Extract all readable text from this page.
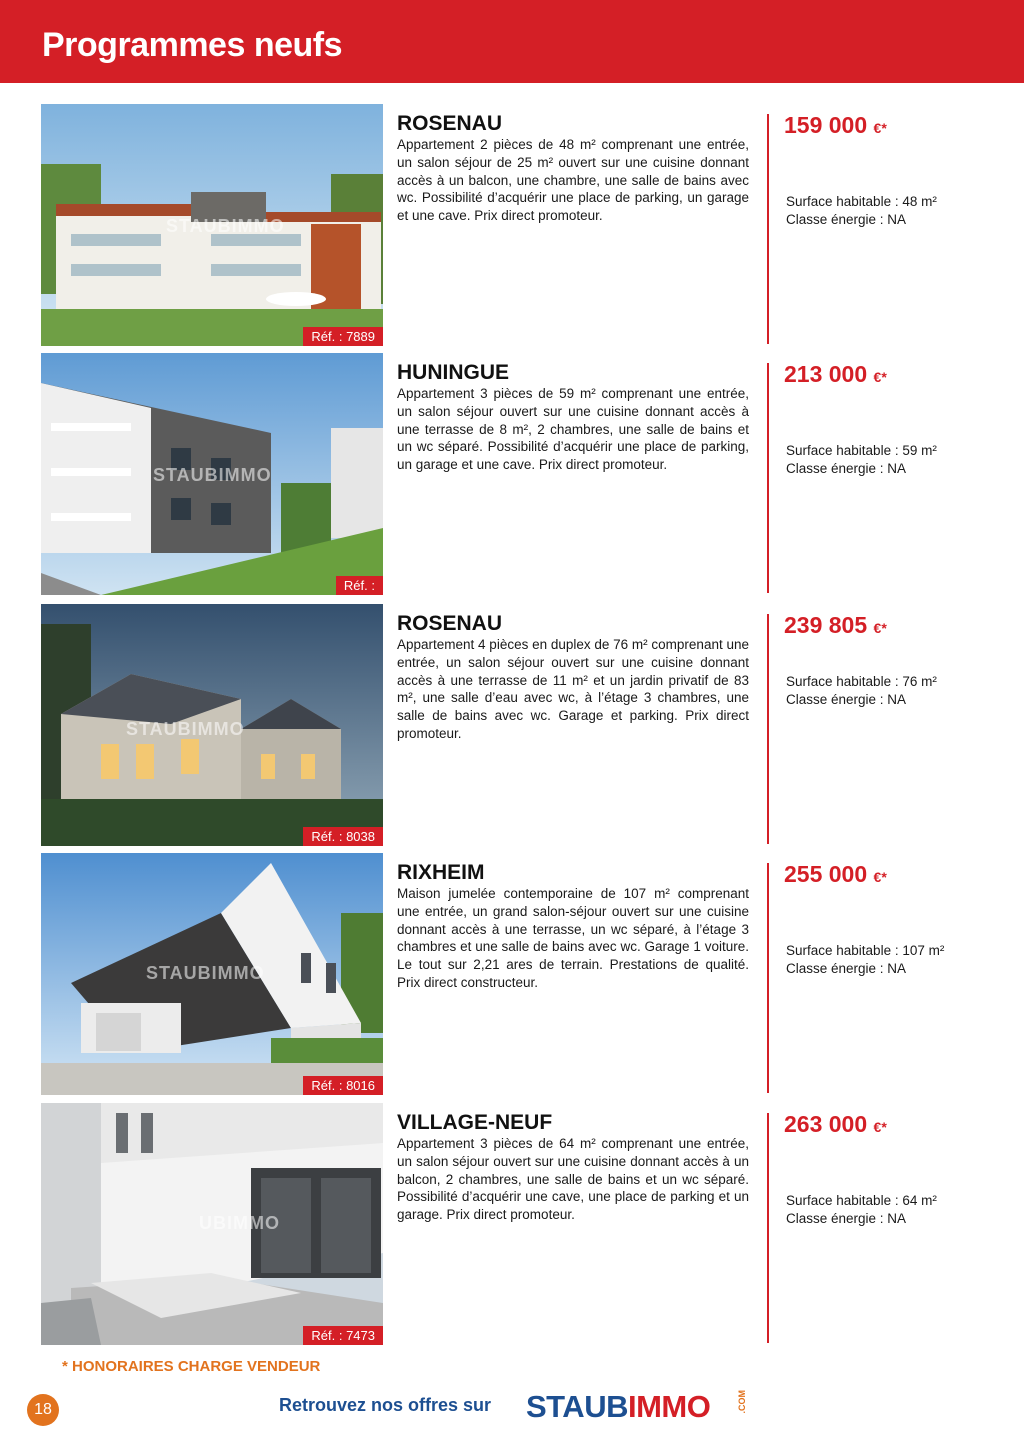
Programmes neufs
STAUBIMMO
Réf. : 7889
ROSENAU
Appartement 2 pièces de 48 m² comprenant une entrée, un salon séjour de 25 m² ouvert sur une cuisine donnant accès à un balcon, une chambre, une salle de bains avec wc. Possibilité d’acquérir une place de parking, un garage et une cave. Prix direct promoteur.
159 000 €*
Surface habitable : 48 m²
Classe énergie : NA
STAUBIMMO
Réf. :
HUNINGUE
Appartement 3 pièces de 59 m² comprenant une entrée, un salon séjour ouvert sur une cuisine donnant accès à une terrasse de 8 m², 2 chambres, une salle de bains et un wc séparé. Possibilité d’acquérir une place de parking, un garage et une cave. Prix direct promoteur.
213 000 €*
Surface habitable : 59 m²
Classe énergie : NA
STAUBIMMO
Réf. : 8038
ROSENAU
Appartement 4 pièces en duplex de 76 m² comprenant une entrée, un salon séjour ouvert sur une cuisine donnant accès à une terrasse de 11 m² et un jardin privatif de 83 m², une salle d’eau avec wc, à l’étage 3 chambres, une salle de bains avec wc. Garage et parking. Prix direct promoteur.
239 805 €*
Surface habitable : 76 m²
Classe énergie : NA
STAUBIMMO
Réf. : 8016
RIXHEIM
Maison jumelée contemporaine de 107 m² comprenant une entrée, un grand salon-séjour ouvert sur une cuisine donnant accès à une terrasse, un wc séparé, à l’étage 3 chambres et une salle de bains avec wc. Garage 1 voiture. Le tout sur 2,21 ares de terrain. Prestations de qualité. Prix direct constructeur.
255 000 €*
Surface habitable : 107 m²
Classe énergie : NA
UBIMMO
Réf. : 7473
VILLAGE-NEUF
Appartement 3 pièces de 64 m² comprenant une entrée, un salon séjour ouvert sur une cuisine donnant accès à un balcon, 2 chambres, une salle de bains et un wc séparé. Possibilité d’acquérir une cave, une place de parking et un garage. Prix direct promoteur.
263 000 €*
Surface habitable : 64 m²
Classe énergie : NA
* HONORAIRES CHARGE VENDEUR
18	Retrouvez nos offres sur STAUBIMMO	.COM
